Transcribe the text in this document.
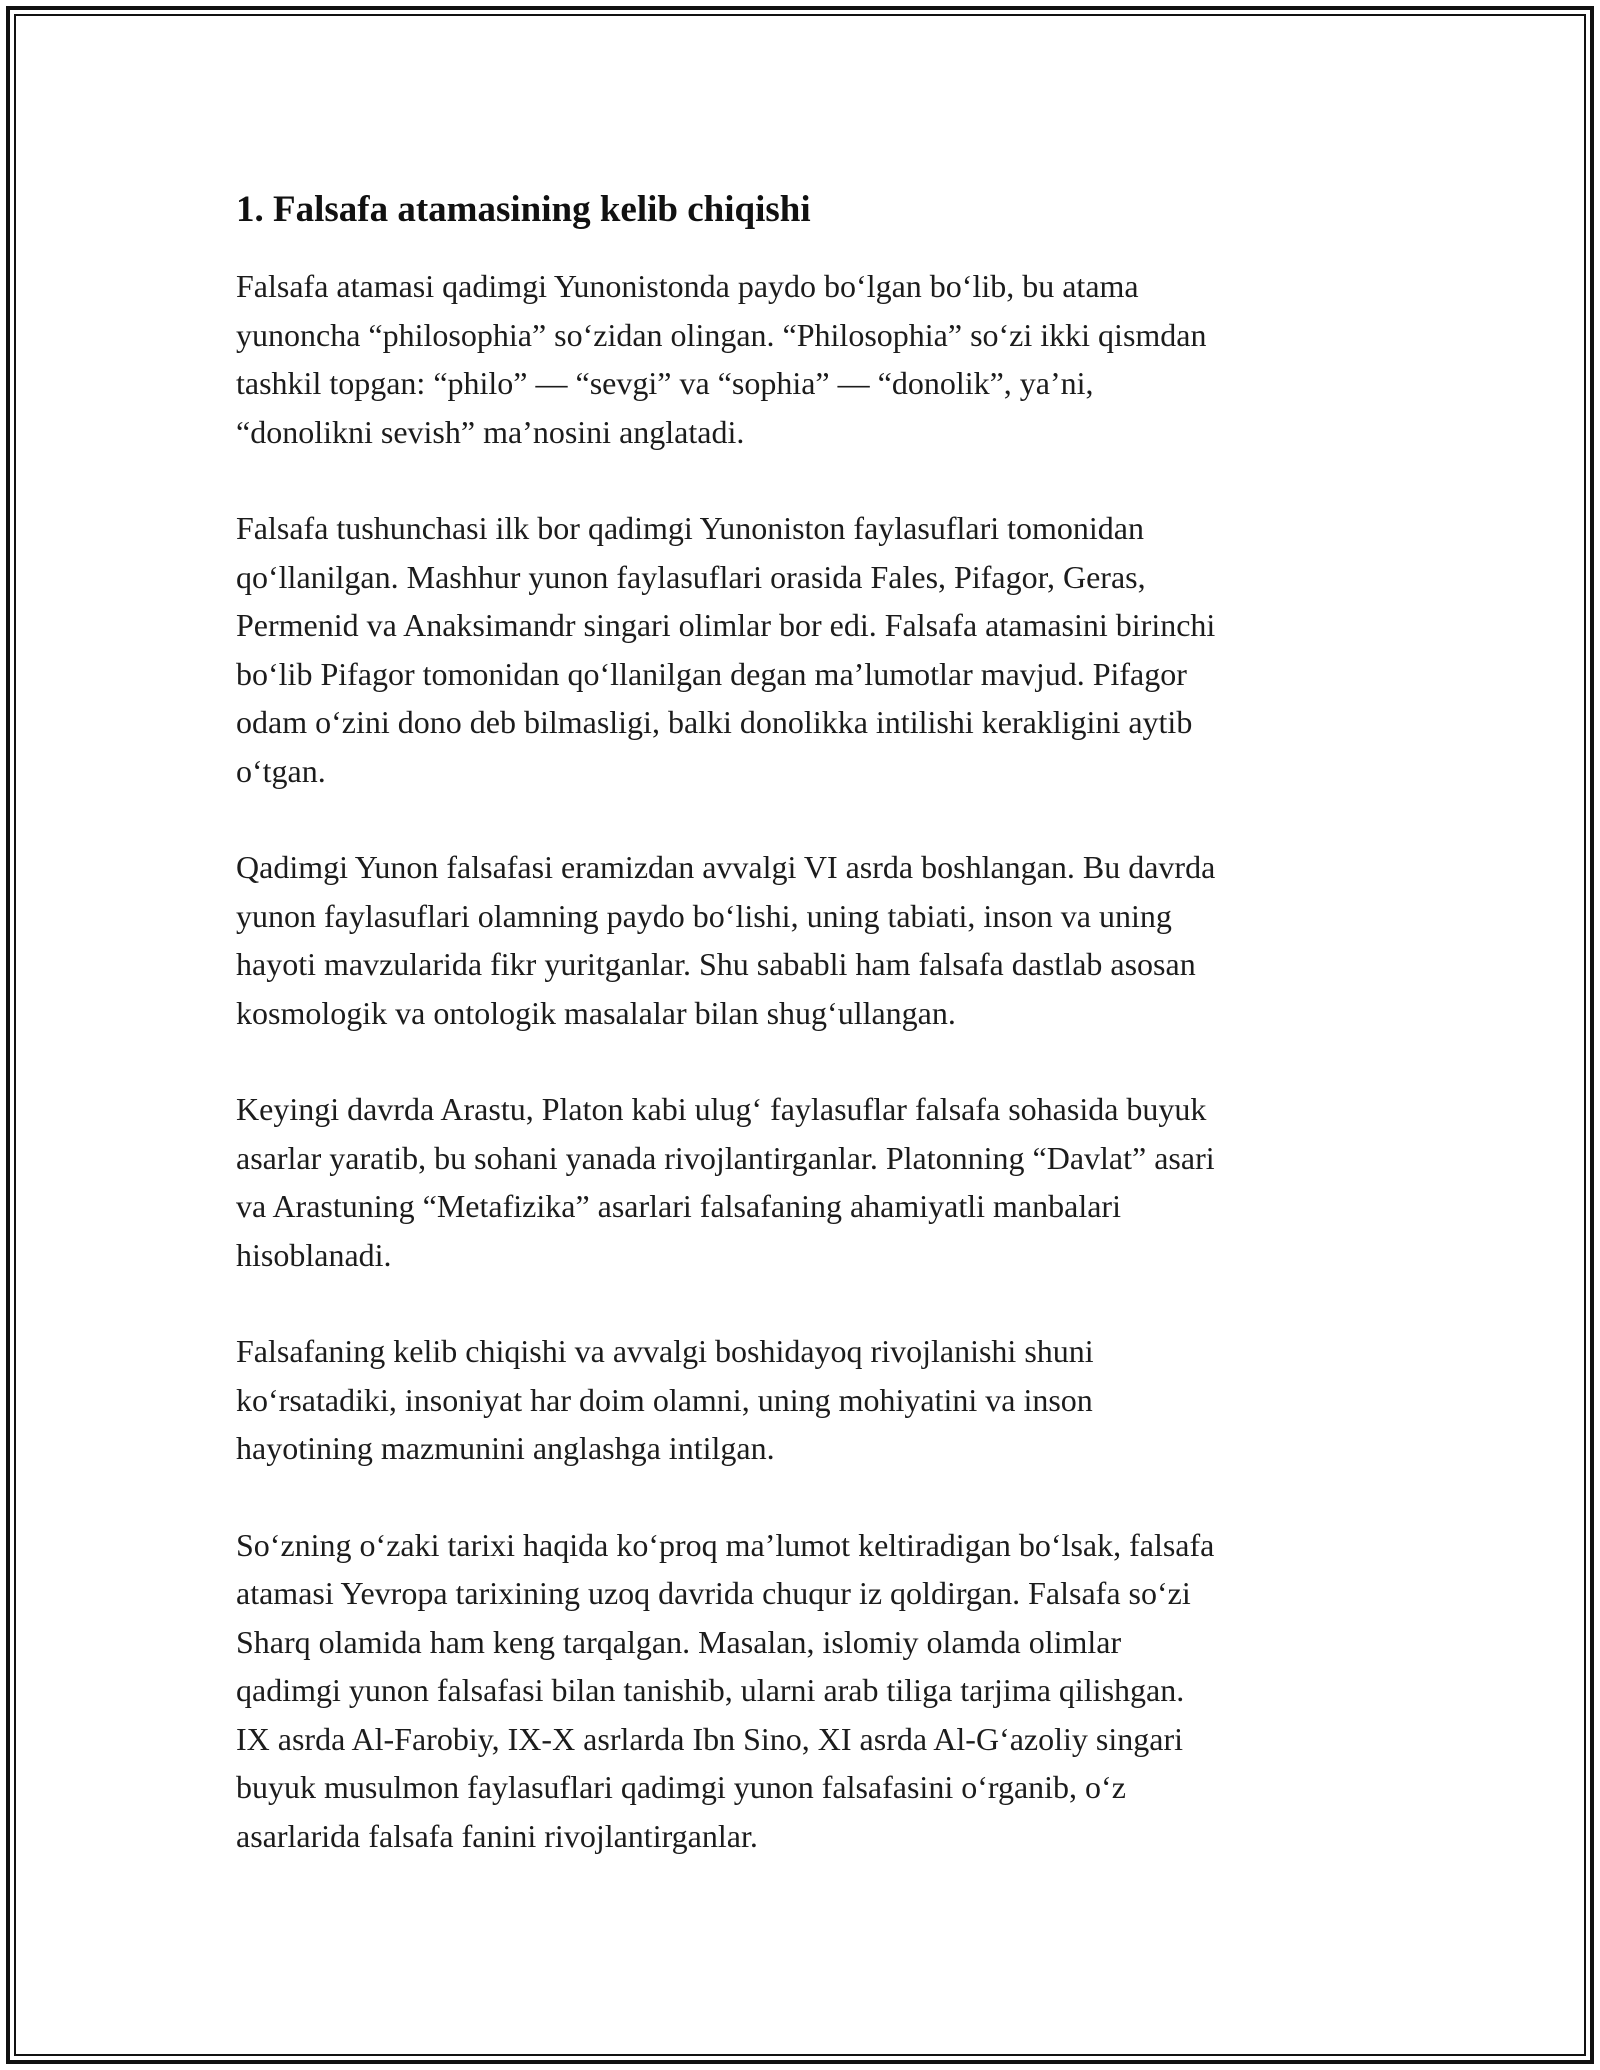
1. Falsafa atamasining kelib chiqishi

Falsafa atamasi qadimgi Yunonistonda paydo bo‘lgan bo‘lib, bu atama
yunoncha “philosophia” so‘zidan olingan. “Philosophia” so‘zi ikki qismdan
tashkil topgan: “philo” — “sevgi” va “sophia” — “donolik”, ya’ni,
“donolikni sevish” ma’nosini anglatadi.

Falsafa tushunchasi ilk bor qadimgi Yunoniston faylasuflari tomonidan
qo‘llanilgan. Mashhur yunon faylasuflari orasida Fales, Pifagor, Geras,
Permenid va Anaksimandr singari olimlar bor edi. Falsafa atamasini birinchi
bo‘lib Pifagor tomonidan qo‘llanilgan degan ma’lumotlar mavjud. Pifagor
odam o‘zini dono deb bilmasligi, balki donolikka intilishi kerakligini aytib
o‘tgan.

Qadimgi Yunon falsafasi eramizdan avvalgi VI asrda boshlangan. Bu davrda
yunon faylasuflari olamning paydo bo‘lishi, uning tabiati, inson va uning
hayoti mavzularida fikr yuritganlar. Shu sababli ham falsafa dastlab asosan
kosmologik va ontologik masalalar bilan shug‘ullangan.

Keyingi davrda Arastu, Platon kabi ulug‘ faylasuflar falsafa sohasida buyuk
asarlar yaratib, bu sohani yanada rivojlantirganlar. Platonning “Davlat” asari
va Arastuning “Metafizika” asarlari falsafaning ahamiyatli manbalari
hisoblanadi.

Falsafaning kelib chiqishi va avvalgi boshidayoq rivojlanishi shuni
ko‘rsatadiki, insoniyat har doim olamni, uning mohiyatini va inson
hayotining mazmunini anglashga intilgan.

So‘zning o‘zaki tarixi haqida ko‘proq ma’lumot keltiradigan bo‘lsak, falsafa
atamasi Yevropa tarixining uzoq davrida chuqur iz qoldirgan. Falsafa so‘zi
Sharq olamida ham keng tarqalgan. Masalan, islomiy olamda olimlar
qadimgi yunon falsafasi bilan tanishib, ularni arab tiliga tarjima qilishgan.
IX asrda Al-Farobiy, IX-X asrlarda Ibn Sino, XI asrda Al-G‘azoliy singari
buyuk musulmon faylasuflari qadimgi yunon falsafasini o‘rganib, o‘z
asarlarida falsafa fanini rivojlantirganlar.
